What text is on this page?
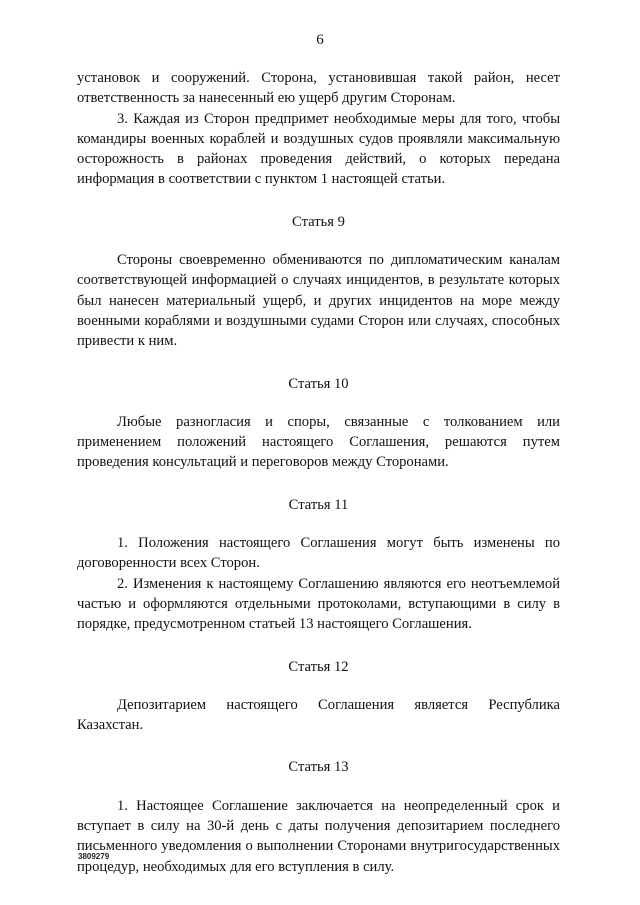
6

установок и сооружений. Сторона, установившая такой район, несет ответственность за нанесенный ею ущерб другим Сторонам.

3. Каждая из Сторон предпримет необходимые меры для того, чтобы командиры военных кораблей и воздушных судов проявляли максимальную осторожность в районах проведения действий, о которых передана информация в соответствии с пунктом 1 настоящей статьи.

Статья 9

Стороны своевременно обмениваются по дипломатическим каналам соответствующей информацией о случаях инцидентов, в результате которых был нанесен материальный ущерб, и других инцидентов на море между военными кораблями и воздушными судами Сторон или случаях, способных привести к ним.

Статья 10

Любые разногласия и споры, связанные с толкованием или применением положений настоящего Соглашения, решаются путем проведения консультаций и переговоров между Сторонами.

Статья 11

1. Положения настоящего Соглашения могут быть изменены по договоренности всех Сторон.

2. Изменения к настоящему Соглашению являются его неотъемлемой частью и оформляются отдельными протоколами, вступающими в силу в порядке, предусмотренном статьей 13 настоящего Соглашения.

Статья 12

Депозитарием настоящего Соглашения является Республика Казахстан.

Статья 13

1. Настоящее Соглашение заключается на неопределенный срок и вступает в силу на 30-й день с даты получения депозитарием последнего письменного уведомления о выполнении Сторонами внутригосударственных процедур, необходимых для его вступления в силу.

3809279
